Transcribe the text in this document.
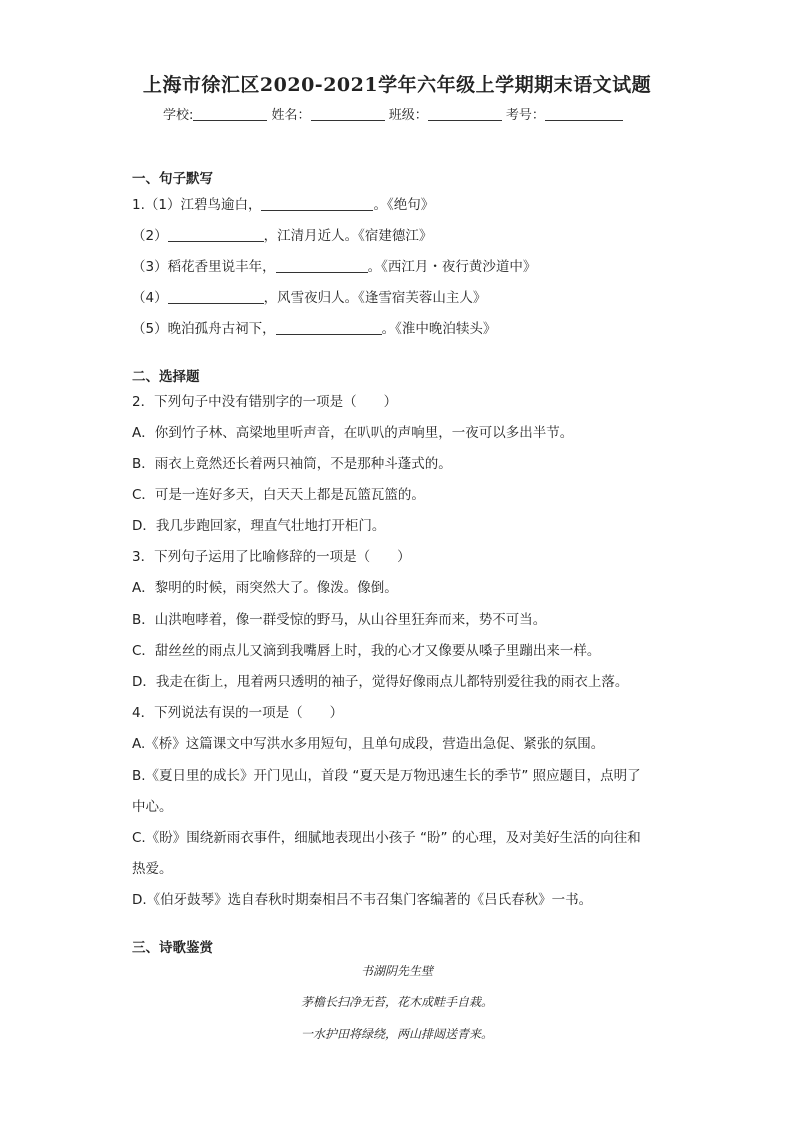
上海市徐汇区2020-2021学年六年级上学期期末语文试题
学校:	姓名：	班级：	考号：
一、句子默写
1.（1）江碧鸟逾白，	。《绝句》
（2）	，江清月近人。《宿建德江》
（3）稻花香里说丰年，	。《西江月・夜行黄沙道中》
（4）	，风雪夜归人。《逢雪宿芙蓉山主人》
（5）晚泊孤舟古祠下，	。《淮中晚泊犊头》
二、选择题
2．下列句子中没有错别字的一项是（　　）
A．你到竹子林、高梁地里听声音，在叭叭的声响里，一夜可以多出半节。
B．雨衣上竟然还长着两只袖筒，不是那种斗蓬式的。
C．可是一连好多天，白天天上都是瓦篮瓦篮的。
D．我几步跑回家，理直气壮地打开柜门。
3．下列句子运用了比喻修辞的一项是（　　）
A．黎明的时候，雨突然大了。像泼。像倒。
B．山洪咆哮着，像一群受惊的野马，从山谷里狂奔而来，势不可当。
C．甜丝丝的雨点儿又滴到我嘴唇上时，我的心才又像要从嗓子里蹦出来一样。
D．我走在街上，甩着两只透明的袖子，觉得好像雨点儿都特别爱往我的雨衣上落。
4．下列说法有误的一项是（　　）
A.《桥》这篇课文中写洪水多用短句，且单句成段，营造出急促、紧张的氛围。
B.《夏日里的成长》开门见山，首段 “夏天是万物迅速生长的季节” 照应题目，点明了
中心。
C.《盼》围绕新雨衣事件，细腻地表现出小孩子 “盼” 的心理，及对美好生活的向往和
热爱。
D.《伯牙鼓琴》选自春秋时期秦相吕不韦召集门客编著的《吕氏春秋》一书。
三、诗歌鉴赏
书湖阴先生壁
茅檐长扫净无苔，花木成畦手自栽。
一水护田将绿绕，两山排闼送青来。
